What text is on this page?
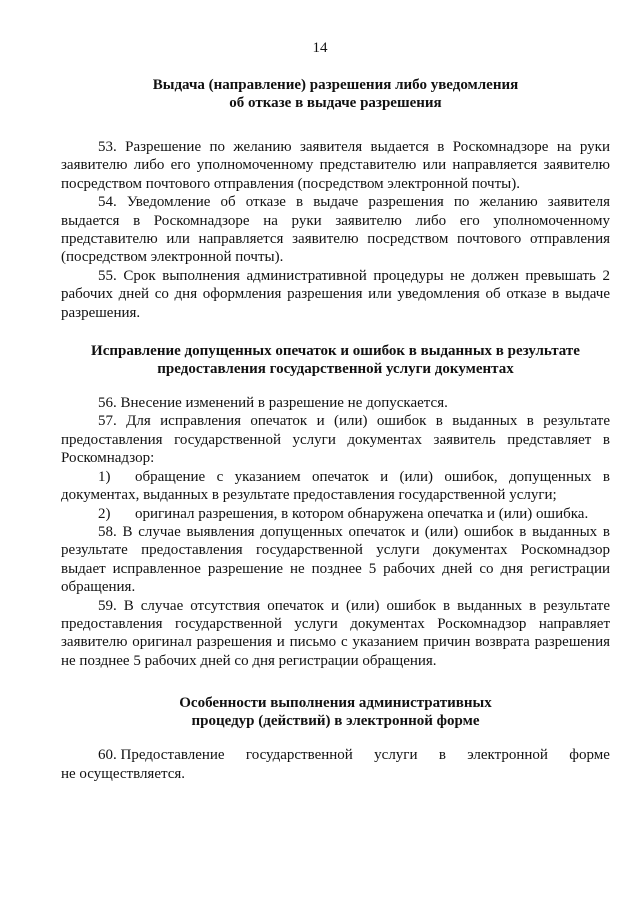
14
Выдача (направление) разрешения либо уведомления
об отказе в выдаче разрешения

53. Разрешение по желанию заявителя выдается в Роскомнадзоре на руки заявителю либо его уполномоченному представителю или направляется заявителю посредством почтового отправления (посредством электронной почты).

54. Уведомление об отказе в выдаче разрешения по желанию заявителя выдается в Роскомнадзоре на руки заявителю либо его уполномоченному представителю или направляется заявителю посредством почтового отправления (посредством электронной почты).

55. Срок выполнения административной процедуры не должен превышать 2 рабочих дней со дня оформления разрешения или уведомления об отказе в выдаче разрешения.

Исправление допущенных опечаток и ошибок в выданных в результате
предоставления государственной услуги документах

56. Внесение изменений в разрешение не допускается.

57. Для исправления опечаток и (или) ошибок в выданных в результате предоставления государственной услуги документах заявитель представляет в Роскомнадзор:

1) обращение с указанием опечаток и (или) ошибок, допущенных в документах, выданных в результате предоставления государственной услуги;

2) оригинал разрешения, в котором обнаружена опечатка и (или) ошибка.

58. В случае выявления допущенных опечаток и (или) ошибок в выданных в результате предоставления государственной услуги документах Роскомнадзор выдает исправленное разрешение не позднее 5 рабочих дней со дня регистрации обращения.

59. В случае отсутствия опечаток и (или) ошибок в выданных в результате предоставления государственной услуги документах Роскомнадзор направляет заявителю оригинал разрешения и письмо с указанием причин возврата разрешения не позднее 5 рабочих дней со дня регистрации обращения.

Особенности выполнения административных
процедур (действий) в электронной форме
60. Предоставление государственной услуги в электронной форме

не осуществляется.
